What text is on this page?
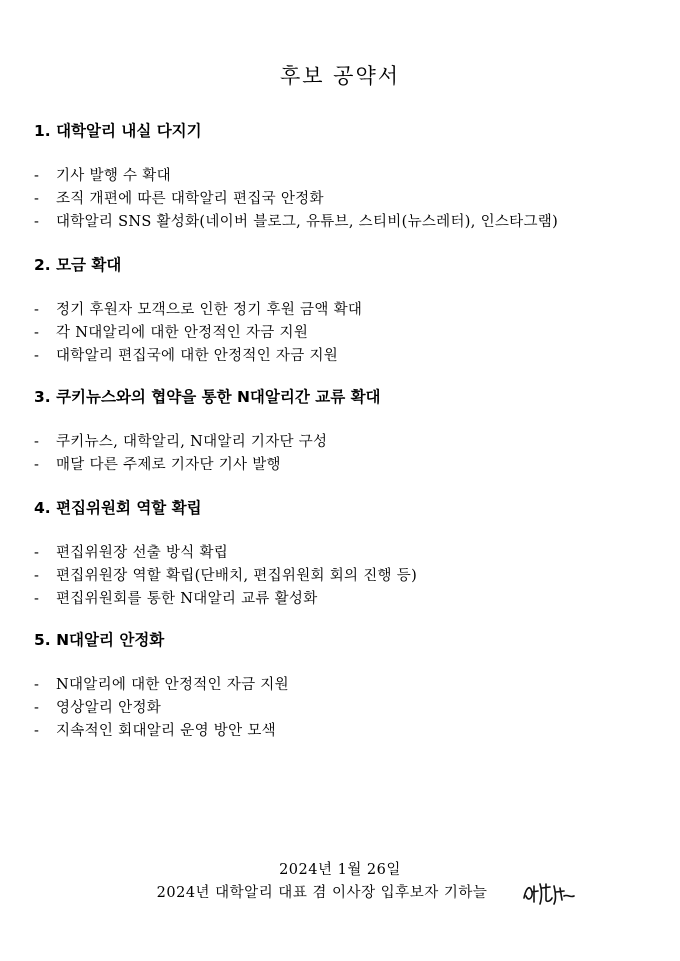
후보 공약서
1. 대학알리 내실 다지기
- 기사 발행 수 확대
- 조직 개편에 따른 대학알리 편집국 안정화
- 대학알리 SNS 활성화(네이버 블로그, 유튜브, 스티비(뉴스레터), 인스타그램)
2. 모금 확대
- 정기 후원자 모객으로 인한 정기 후원 금액 확대
- 각 N대알리에 대한 안정적인 자금 지원
- 대학알리 편집국에 대한 안정적인 자금 지원
3. 쿠키뉴스와의 협약을 통한 N대알리간 교류 확대
- 쿠키뉴스, 대학알리, N대알리 기자단 구성
- 매달 다른 주제로 기자단 기사 발행
4. 편집위원회 역할 확립
- 편집위원장 선출 방식 확립
- 편집위원장 역할 확립(단배치, 편집위원회 회의 진행 등)
- 편집위원회를 통한 N대알리 교류 활성화
5. N대알리 안정화
- N대알리에 대한 안정적인 자금 지원
- 영상알리 안정화
- 지속적인 회대알리 운영 방안 모색
2024년 1월 26일
2024년 대학알리 대표 겸 이사장 입후보자 기하늘
